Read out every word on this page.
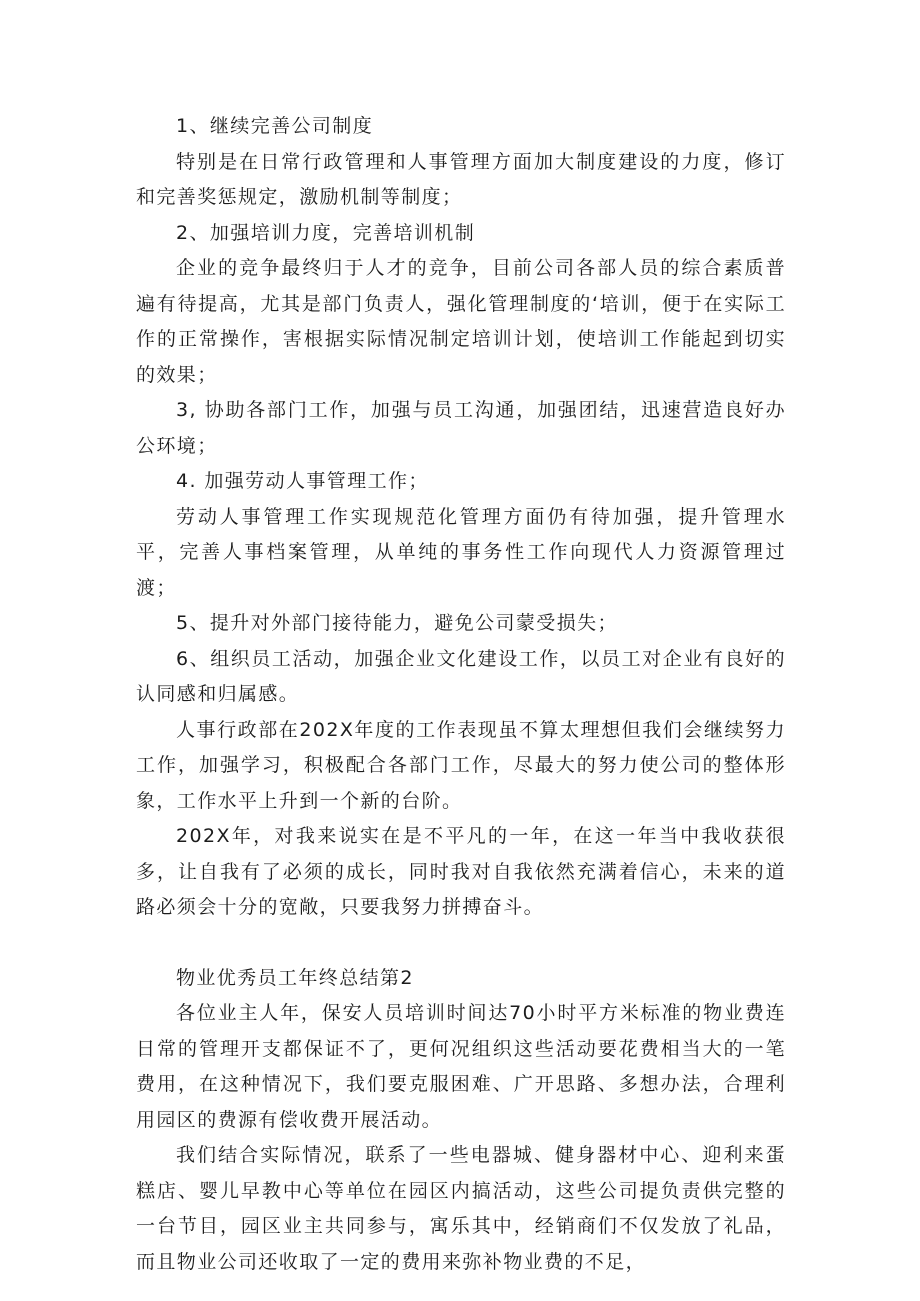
1、继续完善公司制度

特别是在日常行政管理和人事管理方面加大制度建设的力度，修订和完善奖惩规定，激励机制等制度；

2、加强培训力度，完善培训机制

企业的竞争最终归于人才的竞争，目前公司各部人员的综合素质普遍有待提高，尤其是部门负责人，强化管理制度的‘培训，便于在实际工作的正常操作，害根据实际情况制定培训计划，使培训工作能起到切实的效果；

3, 协助各部门工作，加强与员工沟通，加强团结，迅速营造良好办公环境；

4. 加强劳动人事管理工作；

劳动人事管理工作实现规范化管理方面仍有待加强，提升管理水平，完善人事档案管理，从单纯的事务性工作向现代人力资源管理过渡；

5、提升对外部门接待能力，避免公司蒙受损失；

6、组织员工活动，加强企业文化建设工作，以员工对企业有良好的认同感和归属感。

人事行政部在202X年度的工作表现虽不算太理想但我们会继续努力工作，加强学习，积极配合各部门工作，尽最大的努力使公司的整体形象，工作水平上升到一个新的台阶。

202X年，对我来说实在是不平凡的一年，在这一年当中我收获很多，让自我有了必须的成长，同时我对自我依然充满着信心，未来的道路必须会十分的宽敞，只要我努力拼搏奋斗。

物业优秀员工年终总结第2

各位业主人年，保安人员培训时间达70小时平方米标准的物业费连日常的管理开支都保证不了，更何况组织这些活动要花费相当大的一笔费用，在这种情况下，我们要克服困难、广开思路、多想办法，合理利用园区的费源有偿收费开展活动。

我们结合实际情况，联系了一些电器城、健身器材中心、迎利来蛋糕店、婴儿早教中心等单位在园区内搞活动，这些公司提负责供完整的一台节目，园区业主共同参与，寓乐其中，经销商们不仅发放了礼品，而且物业公司还收取了一定的费用来弥补物业费的不足，
